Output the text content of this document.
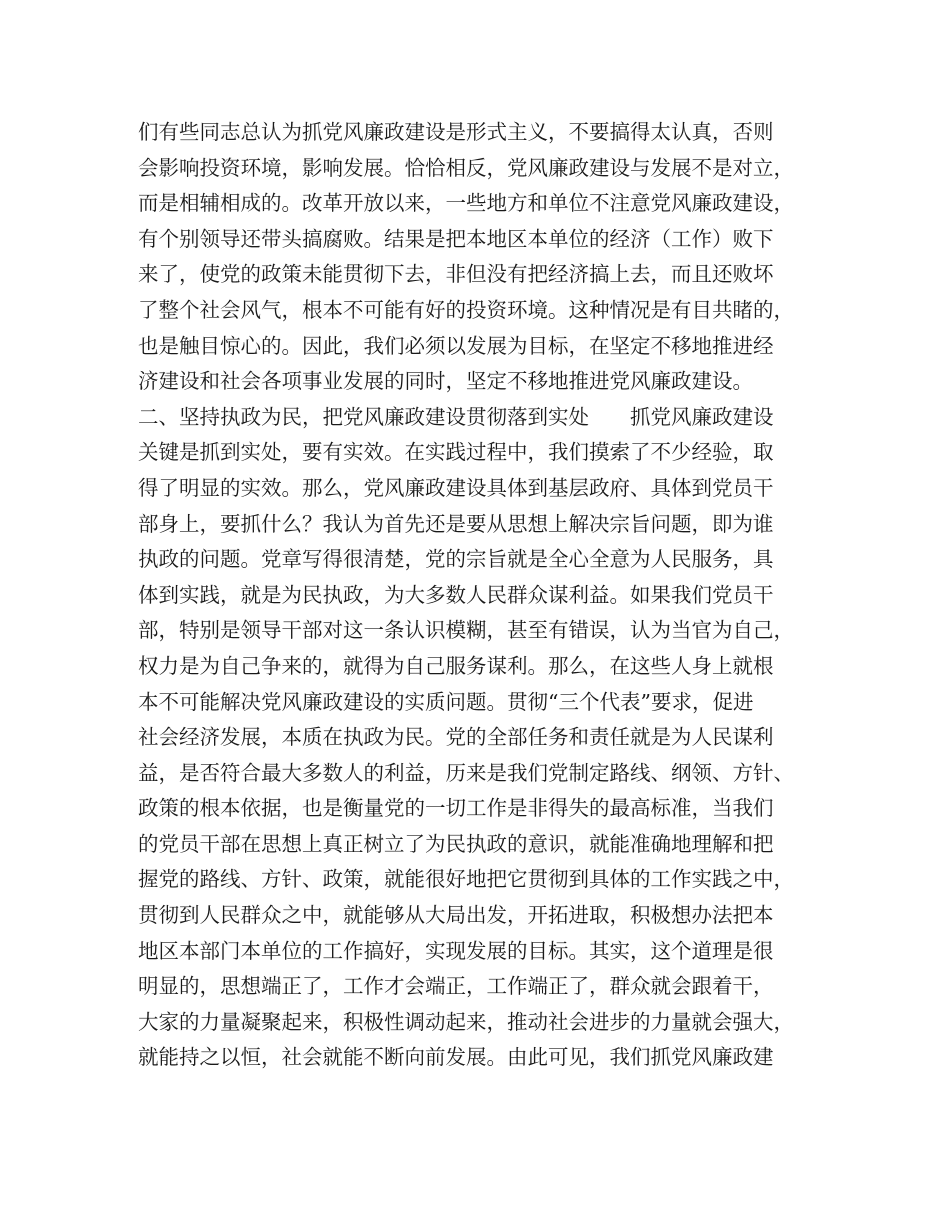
们有些同志总认为抓党风廉政建设是形式主义，不要搞得太认真，否则
会影响投资环境，影响发展。恰恰相反，党风廉政建设与发展不是对立，
而是相辅相成的。改革开放以来，一些地方和单位不注意党风廉政建设，
有个别领导还带头搞腐败。结果是把本地区本单位的经济（工作）败下
来了，使党的政策未能贯彻下去，非但没有把经济搞上去，而且还败坏
了整个社会风气，根本不可能有好的投资环境。这种情况是有目共睹的，
也是触目惊心的。因此，我们必须以发展为目标，在坚定不移地推进经
济建设和社会各项事业发展的同时，坚定不移地推进党风廉政建设。
二、坚持执政为民，把党风廉政建设贯彻落到实处　　抓党风廉政建设
关键是抓到实处，要有实效。在实践过程中，我们摸索了不少经验，取
得了明显的实效。那么，党风廉政建设具体到基层政府、具体到党员干
部身上，要抓什么？我认为首先还是要从思想上解决宗旨问题，即为谁
执政的问题。党章写得很清楚，党的宗旨就是全心全意为人民服务，具
体到实践，就是为民执政，为大多数人民群众谋利益。如果我们党员干
部，特别是领导干部对这一条认识模糊，甚至有错误，认为当官为自己，
权力是为自己争来的，就得为自己服务谋利。那么，在这些人身上就根
本不可能解决党风廉政建设的实质问题。贯彻“三个代表”要求，促进
社会经济发展，本质在执政为民。党的全部任务和责任就是为人民谋利
益，是否符合最大多数人的利益，历来是我们党制定路线、纲领、方针、
政策的根本依据，也是衡量党的一切工作是非得失的最高标准，当我们
的党员干部在思想上真正树立了为民执政的意识，就能准确地理解和把
握党的路线、方针、政策，就能很好地把它贯彻到具体的工作实践之中，
贯彻到人民群众之中，就能够从大局出发，开拓进取，积极想办法把本
地区本部门本单位的工作搞好，实现发展的目标。其实，这个道理是很
明显的，思想端正了，工作才会端正，工作端正了，群众就会跟着干，
大家的力量凝聚起来，积极性调动起来，推动社会进步的力量就会强大，
就能持之以恒，社会就能不断向前发展。由此可见，我们抓党风廉政建
